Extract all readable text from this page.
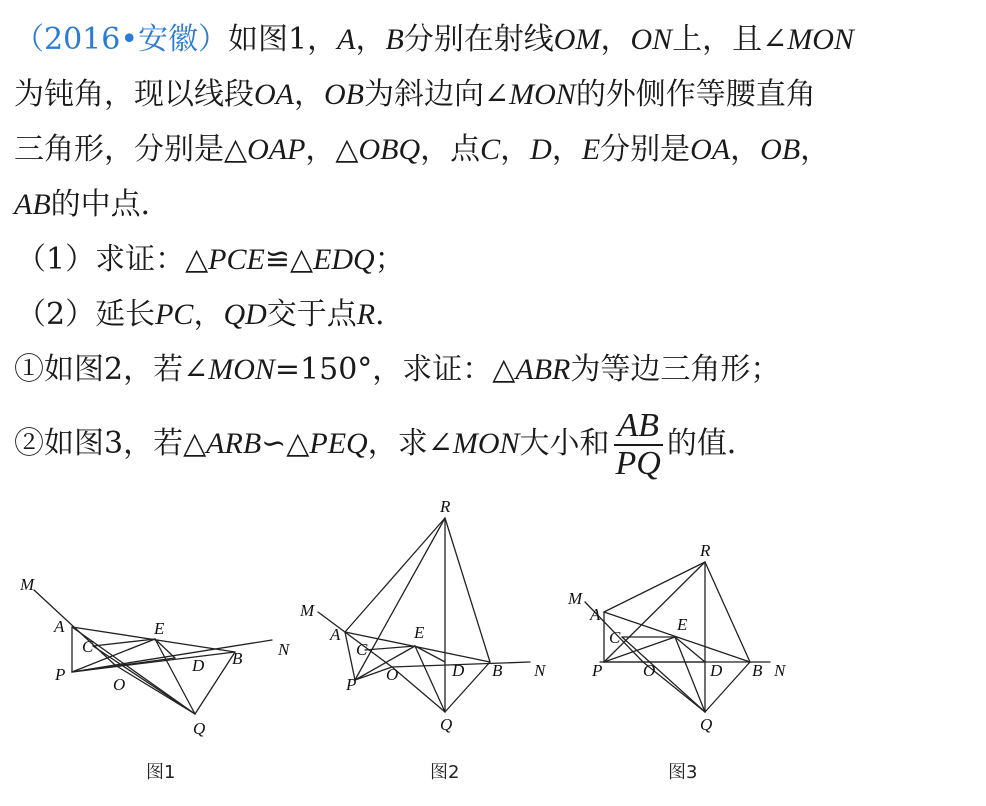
（2016•安徽）如图1，A，B分别在射线OM，ON上，且∠MON
为钝角，现以线段OA，OB为斜边向∠MON的外侧作等腰直角
三角形，分别是△OAP，△OBQ，点C，D，E分别是OA，OB，
AB的中点．
（1）求证：△PCE≌△EDQ；
（2）延长PC，QD交于点R．
①如图2，若∠MON=150°，求证：△ABR为等边三角形；
②如图3，若△ARB∽△PEQ，求∠MON大小和 $\frac{AB}{PQ}$ 的值．
M
A
C
P
O
E
D B N
Q
R
M
A
C
P
O
E
D B N
Q
R
M
A
C
P O
E
D B N
Q
图1	图2	图3
